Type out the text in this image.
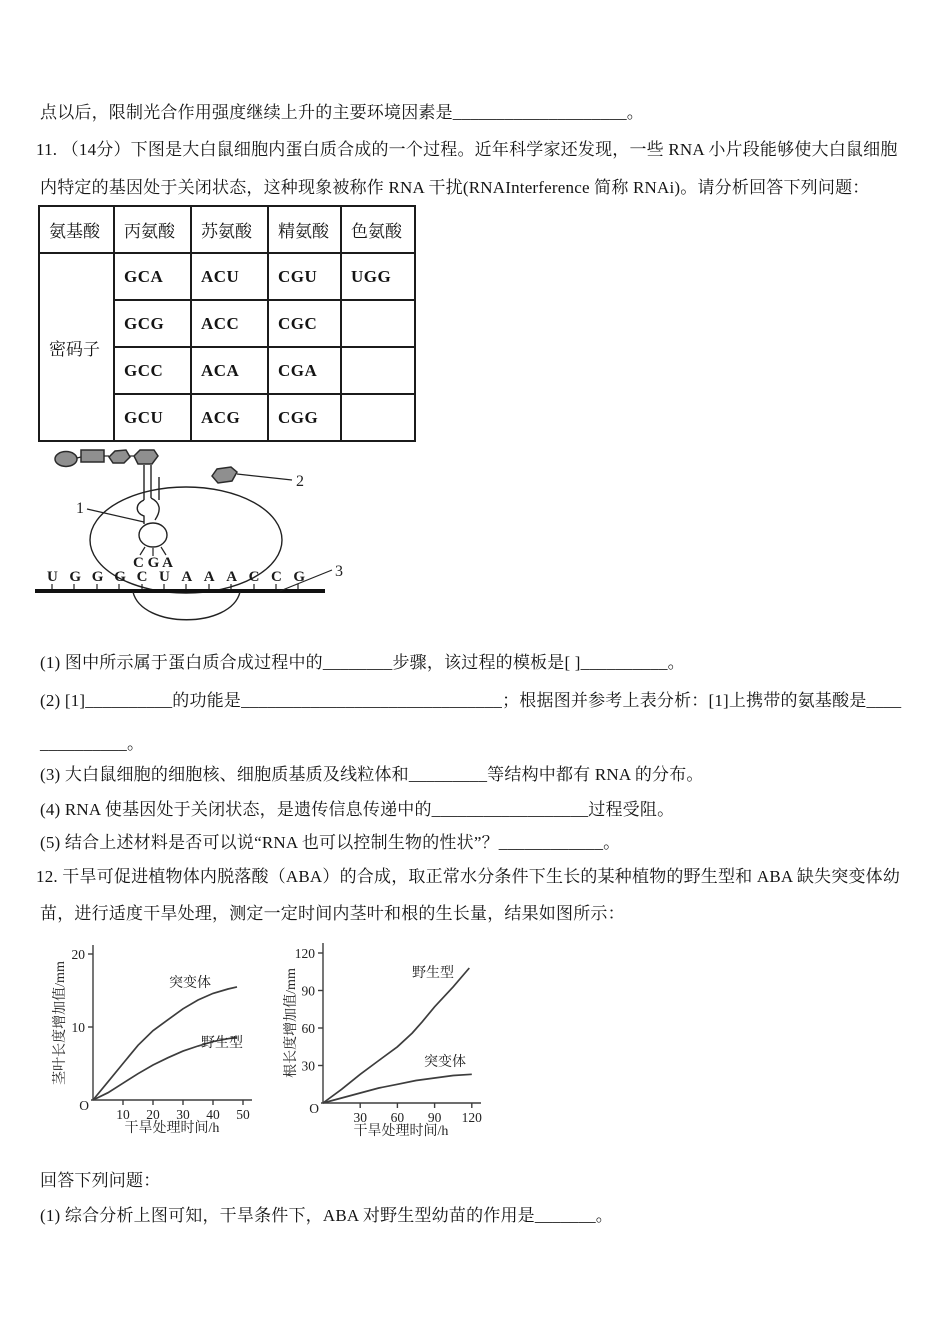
点以后，限制光合作用强度继续上升的主要环境因素是____________________。
11. （14分）下图是大白鼠细胞内蛋白质合成的一个过程。近年科学家还发现，一些 RNA 小片段能够使大白鼠细胞
内特定的基因处于关闭状态，这种现象被称作 RNA 干扰(RNAInterference 简称 RNAi)。请分析回答下列问题：
氨基酸	丙氨酸	苏氨酸	精氨酸	色氨酸
密码子	GCA	ACU	CGU	UGG
	GCG	ACC	CGC	
	GCC	ACA	CGA	
	GCU	ACG	CGG	
C G A
1
2
UGGGCUAAACCG 3
(1) 图中所示属于蛋白质合成过程中的________步骤，该过程的模板是[ ]__________。
(2) [1]__________的功能是______________________________；根据图并参考上表分析：[1]上携带的氨基酸是____
__________。
(3) 大白鼠细胞的细胞核、细胞质基质及线粒体和_________等结构中都有 RNA 的分布。
(4) RNA 使基因处于关闭状态，是遗传信息传递中的__________________过程受阻。
(5) 结合上述材料是否可以说“RNA 也可以控制生物的性状”？____________。
12. 干旱可促进植物体内脱落酸（ABA）的合成，取正常水分条件下生长的某种植物的野生型和 ABA 缺失突变体幼
苗，进行适度干旱处理，测定一定时间内茎叶和根的生长量，结果如图所示：
10 20 30 40 50
10
20
O
干旱处理时间/h
茎叶长度增加值/mm	突变体
野生型
30 60 90 120
30
60
90
120
O
干旱处理时间/h
根长度增加值/mm	野生型
突变体
回答下列问题：
(1) 综合分析上图可知，干旱条件下，ABA 对野生型幼苗的作用是_______。
